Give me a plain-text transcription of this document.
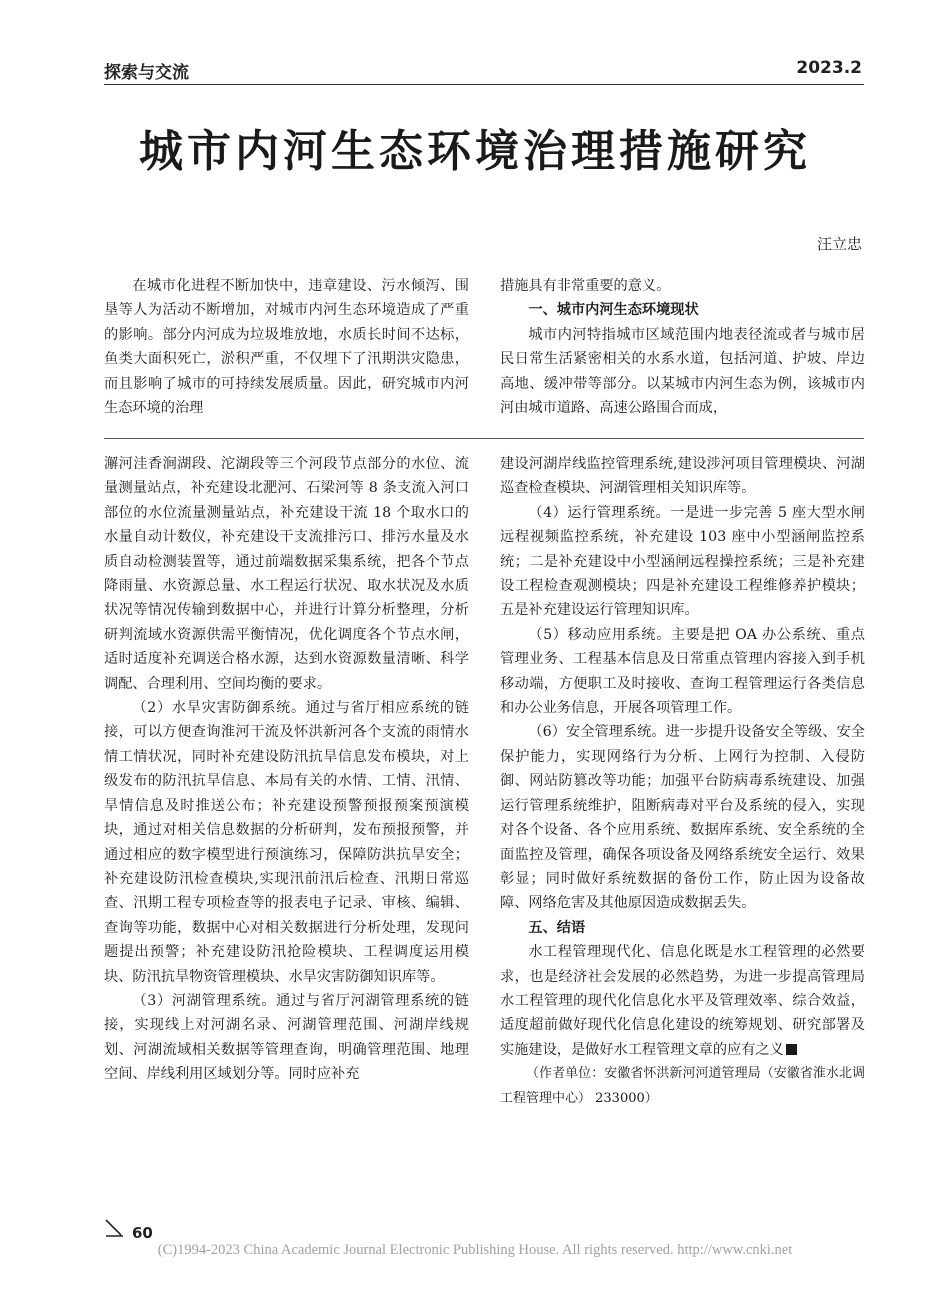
探索与交流	2023.2
城市内河生态环境治理措施研究
汪立忠

在城市化进程不断加快中，违章建设、污水倾泻、围垦等人为活动不断增加，对城市内河生态环境造成了严重的影响。部分内河成为垃圾堆放地，水质长时间不达标，鱼类大面积死亡，淤积严重，不仅埋下了汛期洪灾隐患，而且影响了城市的可持续发展质量。因此，研究城市内河生态环境的治理

措施具有非常重要的意义。

一、城市内河生态环境现状

城市内河特指城市区域范围内地表径流或者与城市居民日常生活紧密相关的水系水道，包括河道、护坡、岸边高地、缓冲带等部分。以某城市内河生态为例，该城市内河由城市道路、高速公路围合而成，

澥河洼香涧湖段、沱湖段等三个河段节点部分的水位、流量测量站点，补充建设北淝河、石梁河等 8 条支流入河口部位的水位流量测量站点，补充建设干流 18 个取水口的水量自动计数仪，补充建设干支流排污口、排污水量及水质自动检测装置等，通过前端数据采集系统，把各个节点降雨量、水资源总量、水工程运行状况、取水状况及水质状况等情况传输到数据中心，并进行计算分析整理，分析研判流域水资源供需平衡情况，优化调度各个节点水闸，适时适度补充调送合格水源，达到水资源数量清晰、科学调配、合理利用、空间均衡的要求。

（2）水旱灾害防御系统。通过与省厅相应系统的链接，可以方便查询淮河干流及怀洪新河各个支流的雨情水情工情状况，同时补充建设防汛抗旱信息发布模块，对上级发布的防汛抗旱信息、本局有关的水情、工情、汛情、旱情信息及时推送公布；补充建设预警预报预案预演模块，通过对相关信息数据的分析研判，发布预报预警，并通过相应的数字模型进行预演练习，保障防洪抗旱安全；补充建设防汛检查模块,实现汛前汛后检查、汛期日常巡查、汛期工程专项检查等的报表电子记录、审核、编辑、查询等功能，数据中心对相关数据进行分析处理，发现问题提出预警；补充建设防汛抢险模块、工程调度运用模块、防汛抗旱物资管理模块、水旱灾害防御知识库等。

（3）河湖管理系统。通过与省厅河湖管理系统的链接，实现线上对河湖名录、河湖管理范围、河湖岸线规划、河湖流域相关数据等管理查询，明确管理范围、地理空间、岸线利用区域划分等。同时应补充

建设河湖岸线监控管理系统,建设涉河项目管理模块、河湖巡查检查模块、河湖管理相关知识库等。

（4）运行管理系统。一是进一步完善 5 座大型水闸远程视频监控系统，补充建设 103 座中小型涵闸监控系统；二是补充建设中小型涵闸远程操控系统；三是补充建设工程检查观测模块；四是补充建设工程维修养护模块；五是补充建设运行管理知识库。

（5）移动应用系统。主要是把 OA 办公系统、重点管理业务、工程基本信息及日常重点管理内容接入到手机移动端，方便职工及时接收、查询工程管理运行各类信息和办公业务信息，开展各项管理工作。

（6）安全管理系统。进一步提升设备安全等级、安全保护能力，实现网络行为分析、上网行为控制、入侵防御、网站防篡改等功能；加强平台防病毒系统建设、加强运行管理系统维护，阻断病毒对平台及系统的侵入，实现对各个设备、各个应用系统、数据库系统、安全系统的全面监控及管理，确保各项设备及网络系统安全运行、效果彰显；同时做好系统数据的备份工作，防止因为设备故障、网络危害及其他原因造成数据丢失。

五、结语

水工程管理现代化、信息化既是水工程管理的必然要求，也是经济社会发展的必然趋势，为进一步提高管理局水工程管理的现代化信息化水平及管理效率、综合效益，适度超前做好现代化信息化建设的统筹规划、研究部署及实施建设，是做好水工程管理文章的应有之义

（作者单位：安徽省怀洪新河河道管理局（安徽省淮水北调工程管理中心） 233000）

60
(C)1994-2023 China Academic Journal Electronic Publishing House. All rights reserved. http://www.cnki.net
